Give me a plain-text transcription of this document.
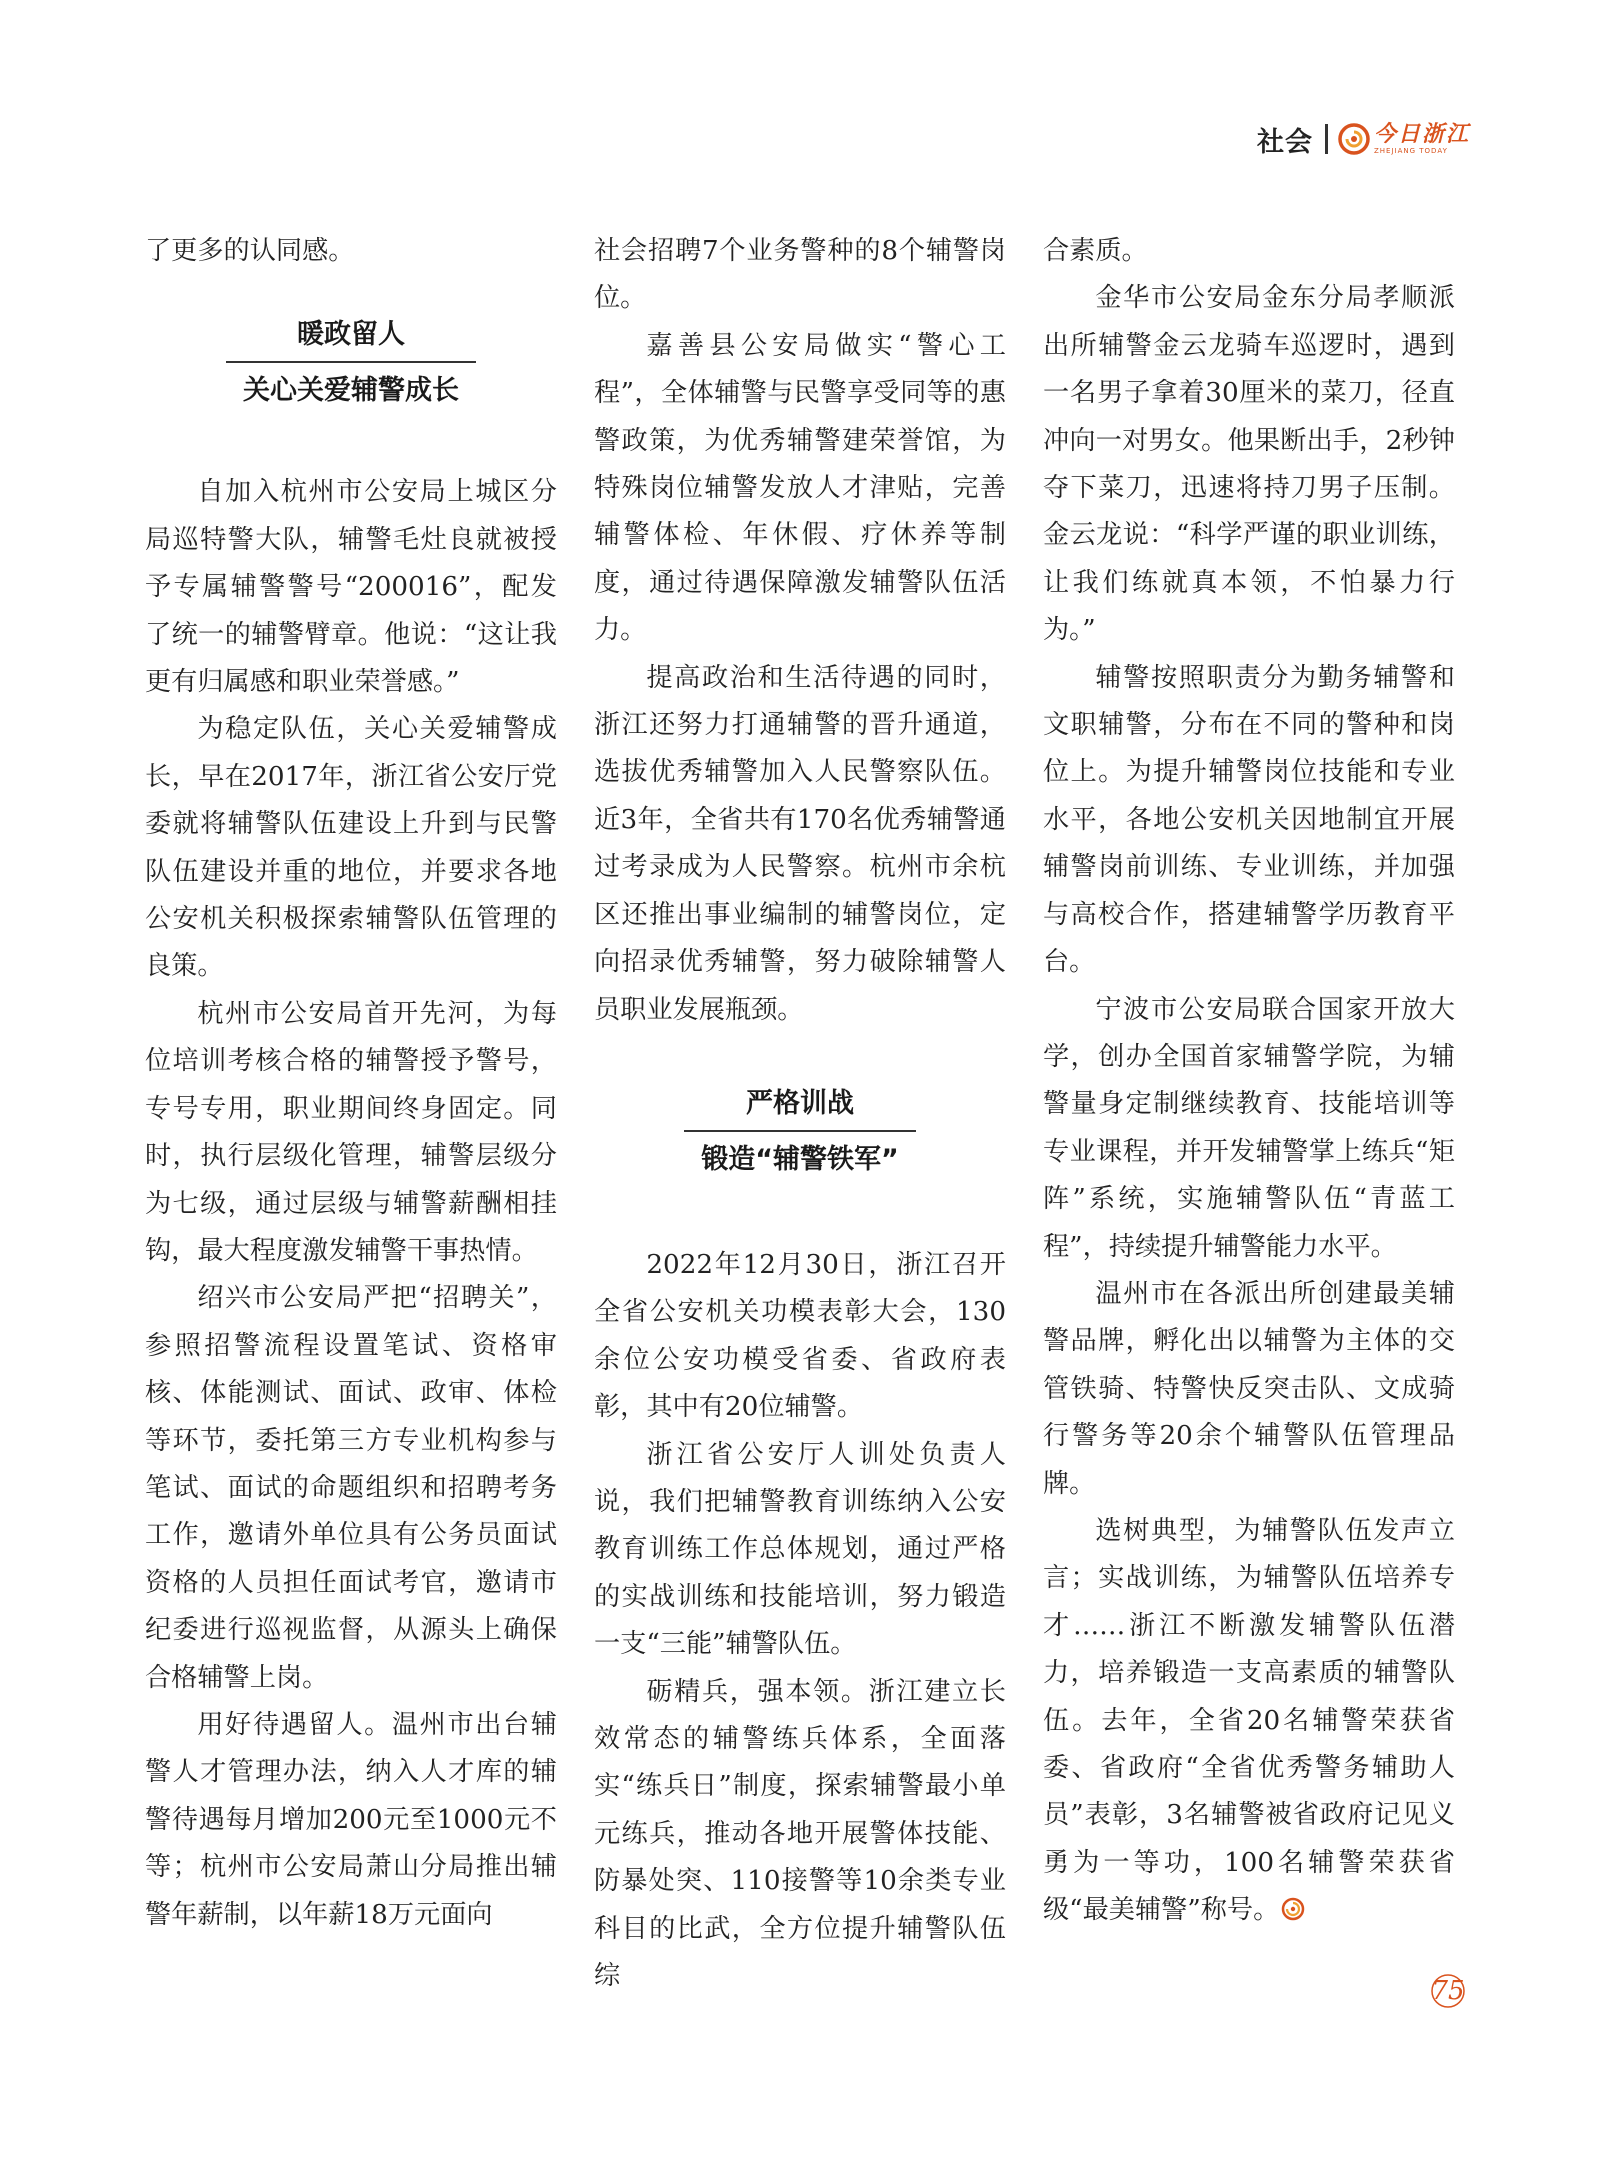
社会	今日浙江
ZHEJIANG TODAY

了更多的认同感。

暖政留人
关心关爱辅警成长

自加入杭州市公安局上城区分局巡特警大队，辅警毛灶良就被授予专属辅警警号“200016”，配发了统一的辅警臂章。他说：“这让我更有归属感和职业荣誉感。”

为稳定队伍，关心关爱辅警成长，早在2017年，浙江省公安厅党委就将辅警队伍建设上升到与民警队伍建设并重的地位，并要求各地公安机关积极探索辅警队伍管理的良策。

杭州市公安局首开先河，为每位培训考核合格的辅警授予警号，专号专用，职业期间终身固定。同时，执行层级化管理，辅警层级分为七级，通过层级与辅警薪酬相挂钩，最大程度激发辅警干事热情。

绍兴市公安局严把“招聘关”，参照招警流程设置笔试、资格审核、体能测试、面试、政审、体检等环节，委托第三方专业机构参与笔试、面试的命题组织和招聘考务工作，邀请外单位具有公务员面试资格的人员担任面试考官，邀请市纪委进行巡视监督，从源头上确保合格辅警上岗。

用好待遇留人。温州市出台辅警人才管理办法，纳入人才库的辅警待遇每月增加200元至1000元不等；杭州市公安局萧山分局推出辅警年薪制，以年薪18万元面向

社会招聘7个业务警种的8个辅警岗位。

嘉善县公安局做实“警心工程”，全体辅警与民警享受同等的惠警政策，为优秀辅警建荣誉馆，为特殊岗位辅警发放人才津贴，完善辅警体检、年休假、疗休养等制度，通过待遇保障激发辅警队伍活力。

提高政治和生活待遇的同时，浙江还努力打通辅警的晋升通道，选拔优秀辅警加入人民警察队伍。近3年，全省共有170名优秀辅警通过考录成为人民警察。杭州市余杭区还推出事业编制的辅警岗位，定向招录优秀辅警，努力破除辅警人员职业发展瓶颈。

严格训战
锻造“辅警铁军”

2022年12月30日，浙江召开全省公安机关功模表彰大会，130余位公安功模受省委、省政府表彰，其中有20位辅警。

浙江省公安厅人训处负责人说，我们把辅警教育训练纳入公安教育训练工作总体规划，通过严格的实战训练和技能培训，努力锻造一支“三能”辅警队伍。

砺精兵，强本领。浙江建立长效常态的辅警练兵体系，全面落实“练兵日”制度，探索辅警最小单元练兵，推动各地开展警体技能、防暴处突、110接警等10余类专业科目的比武，全方位提升辅警队伍综

合素质。

金华市公安局金东分局孝顺派出所辅警金云龙骑车巡逻时，遇到一名男子拿着30厘米的菜刀，径直冲向一对男女。他果断出手，2秒钟夺下菜刀，迅速将持刀男子压制。金云龙说：“科学严谨的职业训练，让我们练就真本领，不怕暴力行为。”

辅警按照职责分为勤务辅警和文职辅警，分布在不同的警种和岗位上。为提升辅警岗位技能和专业水平，各地公安机关因地制宜开展辅警岗前训练、专业训练，并加强与高校合作，搭建辅警学历教育平台。

宁波市公安局联合国家开放大学，创办全国首家辅警学院，为辅警量身定制继续教育、技能培训等专业课程，并开发辅警掌上练兵“矩阵”系统，实施辅警队伍“青蓝工程”，持续提升辅警能力水平。

温州市在各派出所创建最美辅警品牌，孵化出以辅警为主体的交管铁骑、特警快反突击队、文成骑行警务等20余个辅警队伍管理品牌。

选树典型，为辅警队伍发声立言；实战训练，为辅警队伍培养专才……浙江不断激发辅警队伍潜力，培养锻造一支高素质的辅警队伍。去年，全省20名辅警荣获省委、省政府“全省优秀警务辅助人员”表彰，3名辅警被省政府记见义勇为一等功，100名辅警荣获省级“最美辅警”称号。

75
